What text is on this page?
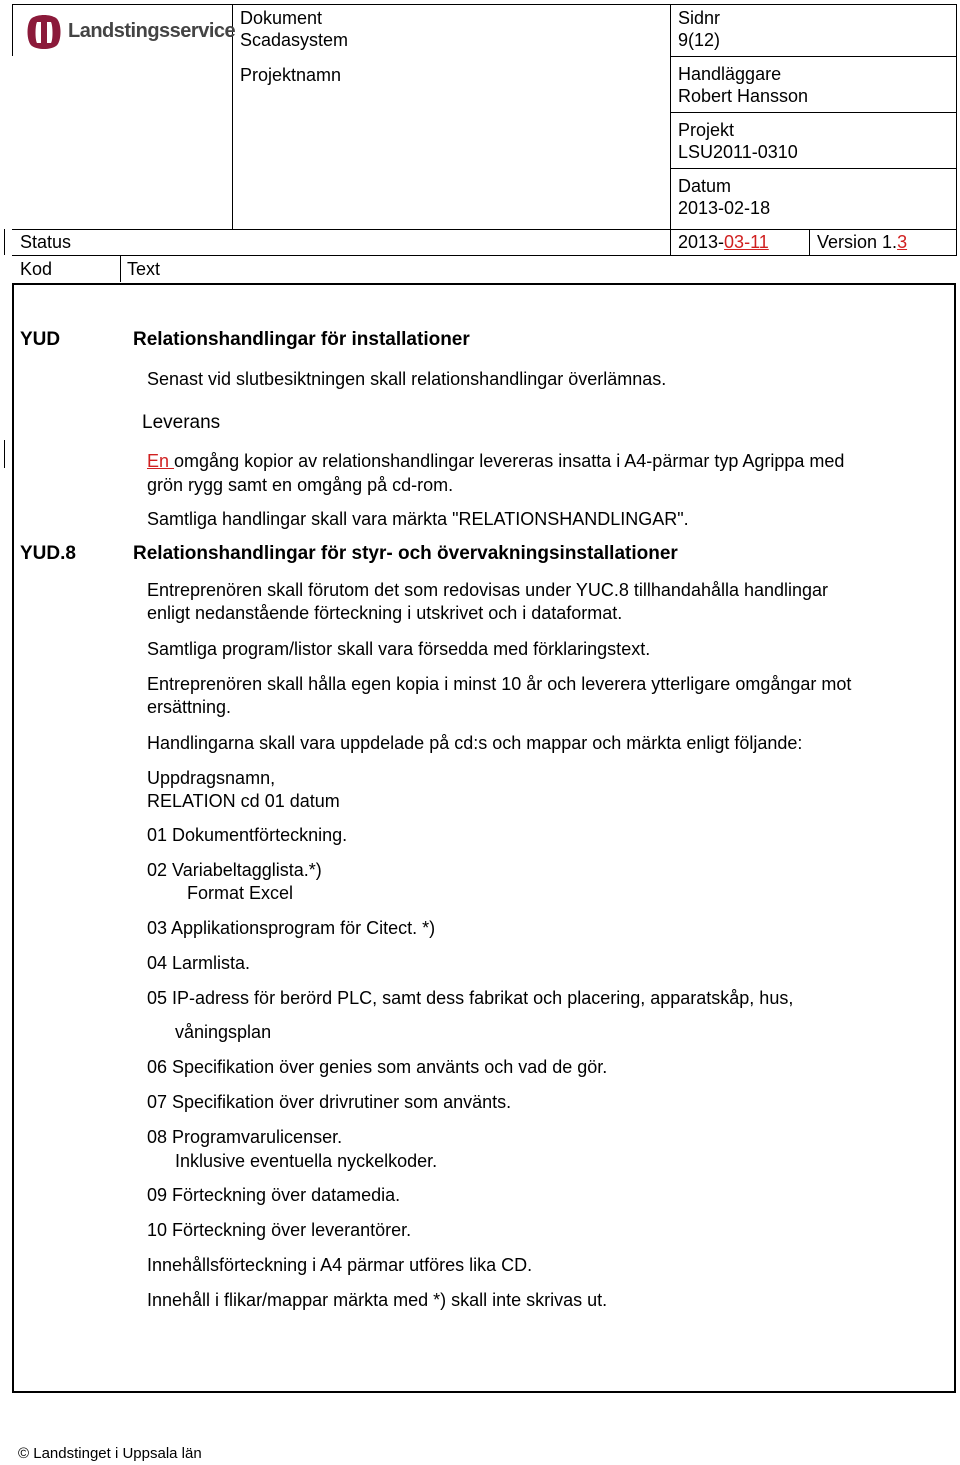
Landstingsservice
Dokument
Scadasystem
Projektnamn
Sidnr
9(12)
Handläggare
Robert Hansson
Projekt
LSU2011-0310
Datum
2013-02-18
Status	2013-03-11	Version 1.3
Kod	Text
YUD	Relationshandlingar för installationer
Senast vid slutbesiktningen skall relationshandlingar överlämnas.
Leverans
En omgång kopior av relationshandlingar levereras insatta i A4-pärmar typ Agrippa med
grön rygg samt en omgång på cd-rom.
Samtliga handlingar skall vara märkta "RELATIONSHANDLINGAR".
YUD.8	Relationshandlingar för styr- och övervakningsinstallationer
Entreprenören skall förutom det som redovisas under YUC.8 tillhandahålla handlingar
enligt nedanstående förteckning i utskrivet och i dataformat.
Samtliga program/listor skall vara försedda med förklaringstext.
Entreprenören skall hålla egen kopia i minst 10 år och leverera ytterligare omgångar mot
ersättning.
Handlingarna skall vara uppdelade på cd:s och mappar och märkta enligt följande:
Uppdragsnamn,
RELATION cd 01 datum
01 Dokumentförteckning.
02 Variabeltagglista.*)
Format Excel
03 Applikationsprogram för Citect. *)
04 Larmlista.
05 IP-adress för berörd PLC, samt dess fabrikat och placering, apparatskåp, hus,
våningsplan
06 Specifikation över genies som använts och vad de gör.
07 Specifikation över drivrutiner som använts.
08 Programvarulicenser.
Inklusive eventuella nyckelkoder.
09 Förteckning över datamedia.
10 Förteckning över leverantörer.
Innehållsförteckning i A4 pärmar utföres lika CD.
Innehåll i flikar/mappar märkta med *) skall inte skrivas ut.
© Landstinget i Uppsala län
